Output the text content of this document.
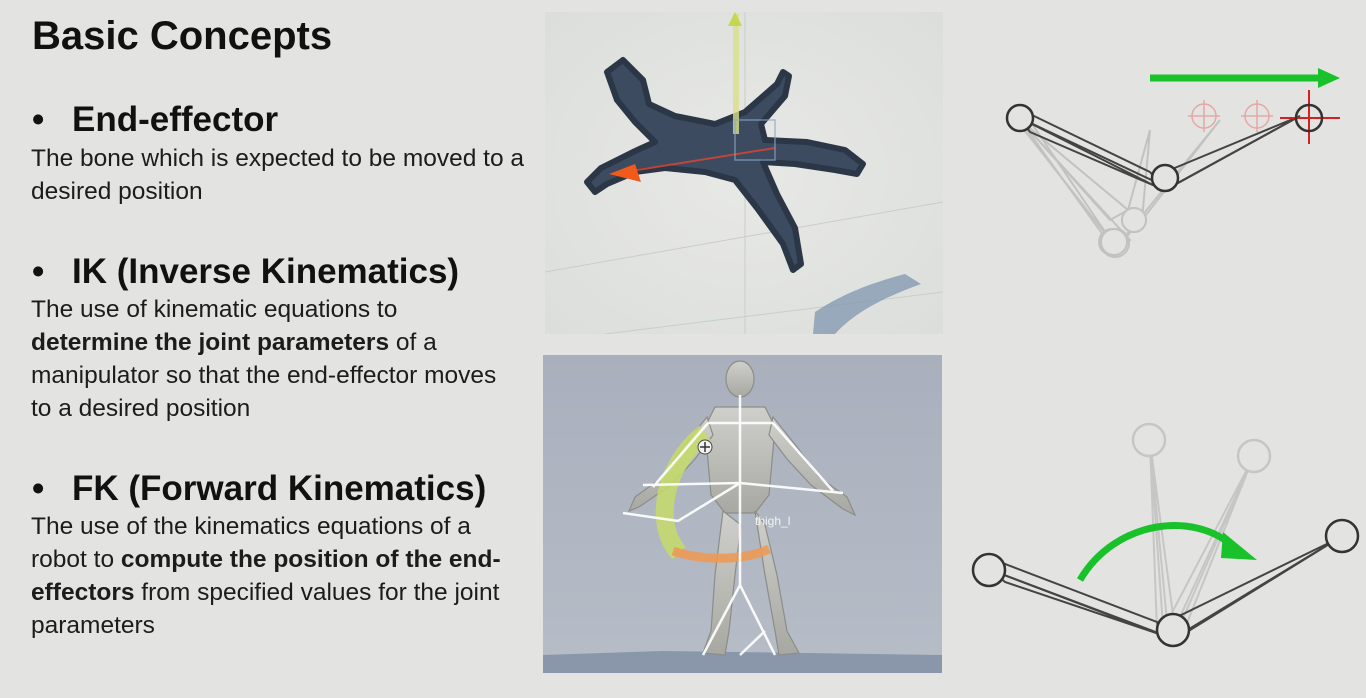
Basic Concepts
• End-effector
The bone which is expected to be moved to a desired position
• IK (Inverse Kinematics)
The use of kinematic equations to determine the joint parameters of a manipulator so that the end-effector moves to a desired position
• FK (Forward Kinematics)
The use of the kinematics equations of a robot to compute the position of the end-effectors from specified values for the joint parameters
thigh_l
